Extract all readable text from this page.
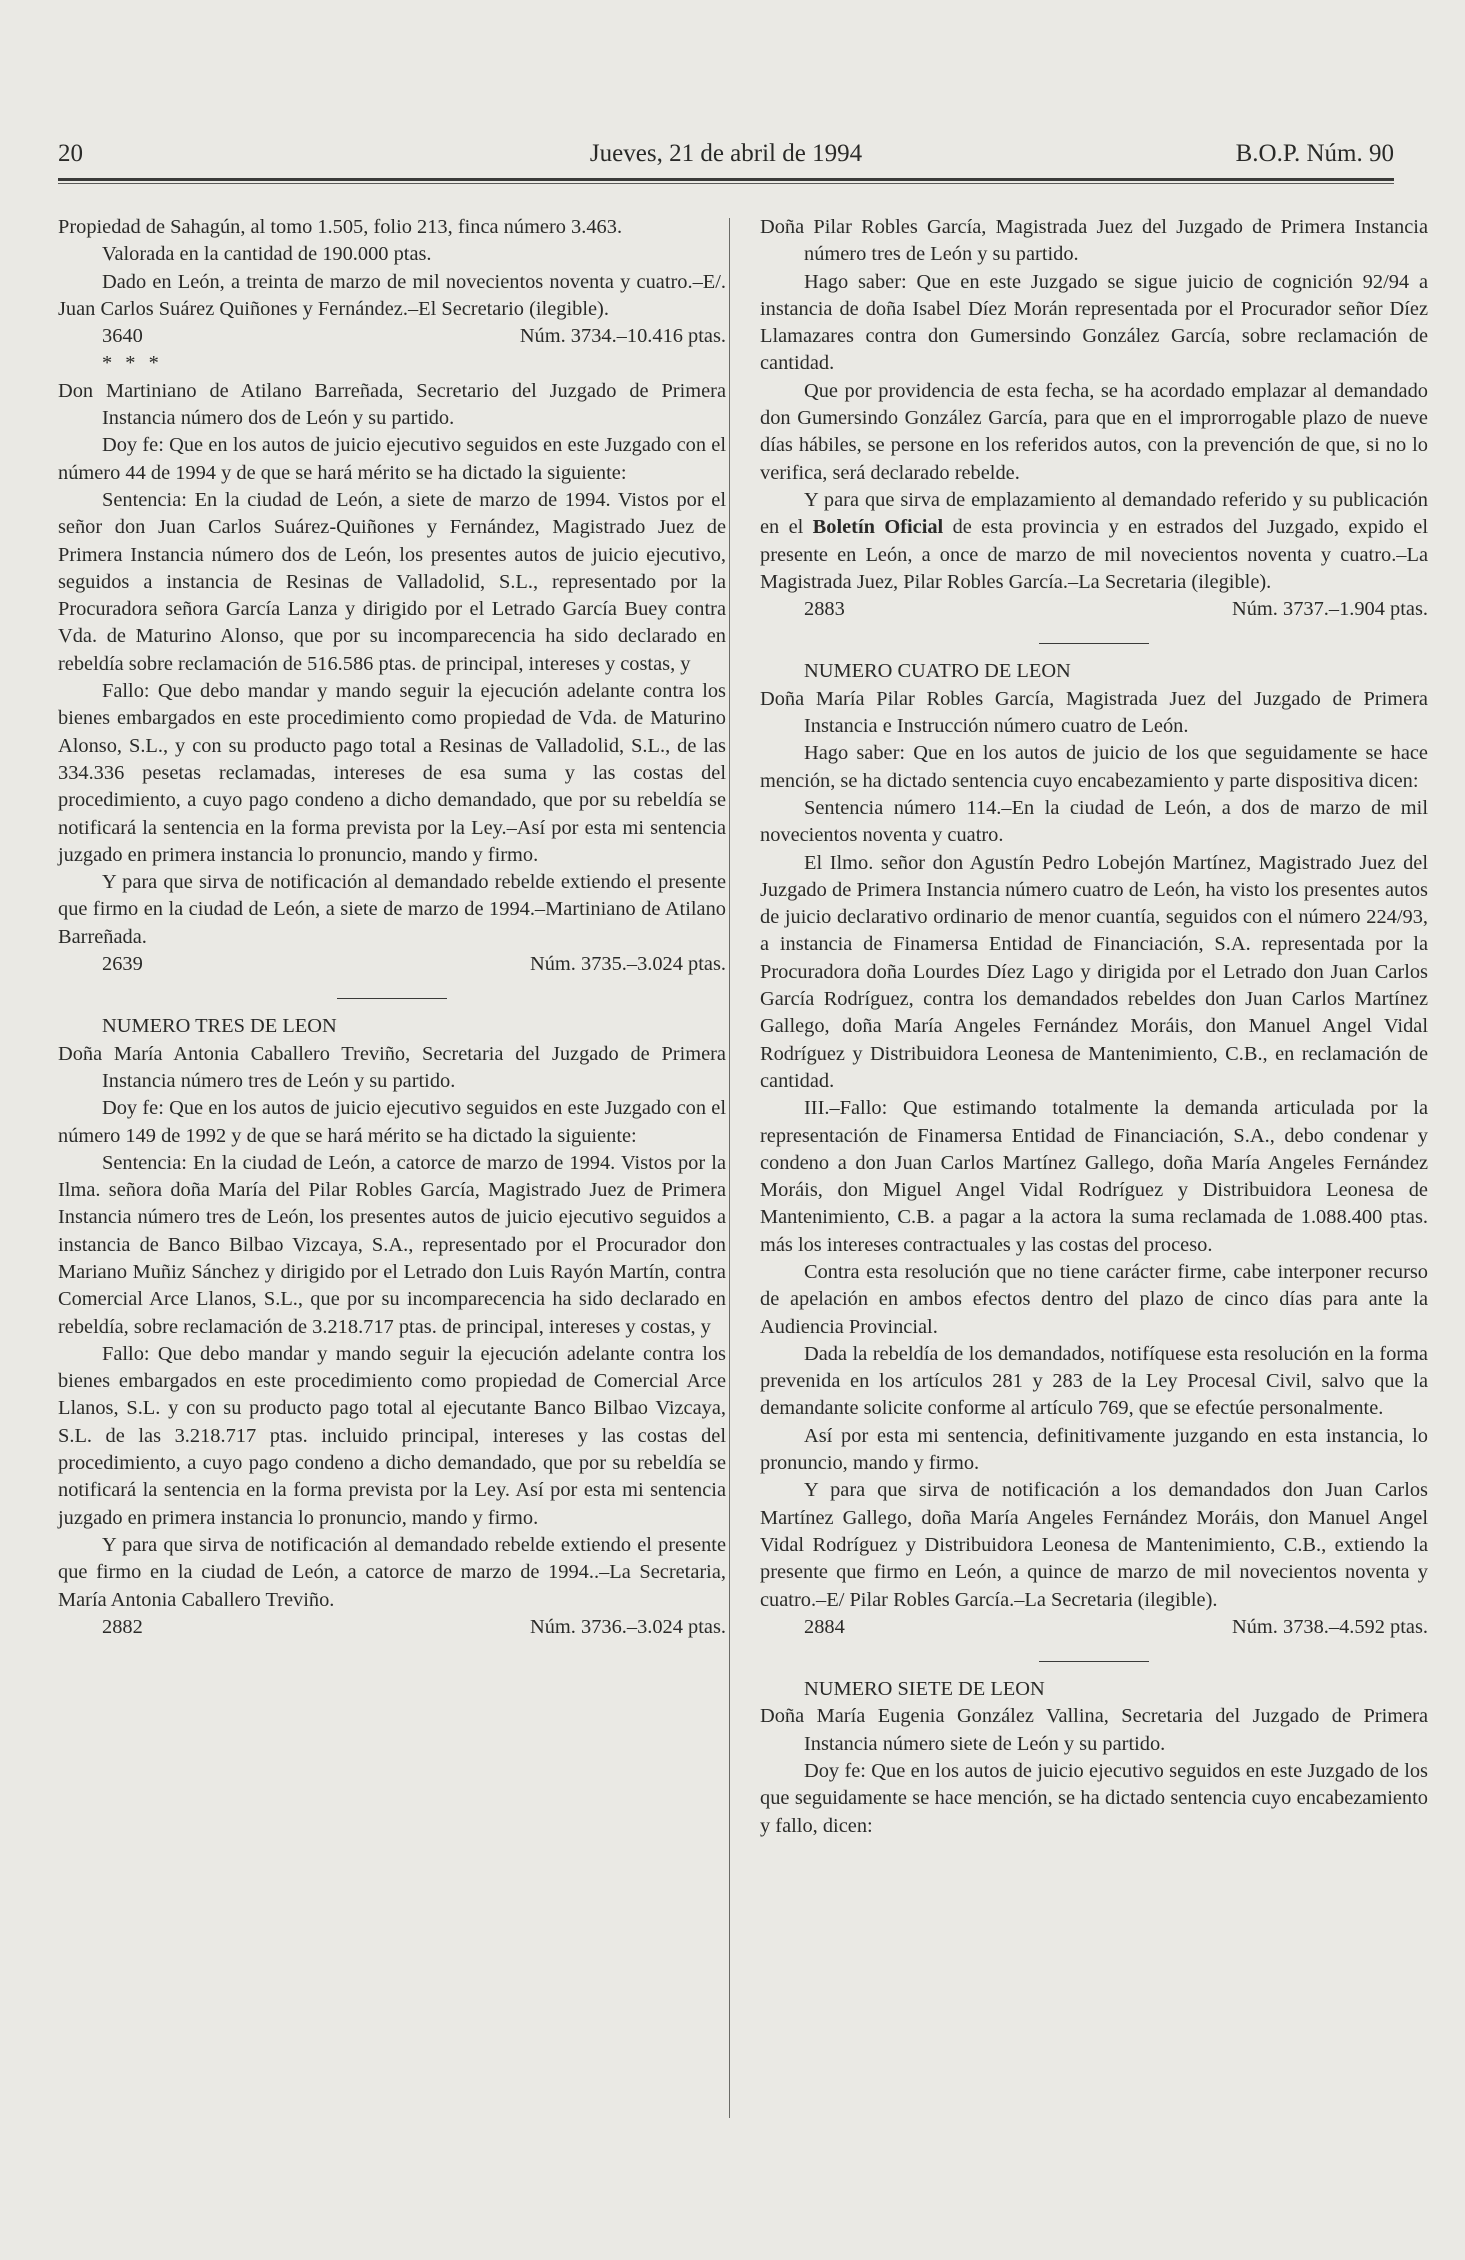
20	Jueves, 21 de abril de 1994	B.O.P. Núm. 90

Propiedad de Sahagún, al tomo 1.505, folio 213, finca número 3.463.

Valorada en la cantidad de 190.000 ptas.

Dado en León, a treinta de marzo de mil novecientos noventa y cuatro.–E/. Juan Carlos Suárez Quiñones y Fernández.–El Secretario (ilegible).

3640	Núm. 3734.–10.416 ptas.

* * *

Don Martiniano de Atilano Barreñada, Secretario del Juzgado de Primera Instancia número dos de León y su partido.

Doy fe: Que en los autos de juicio ejecutivo seguidos en este Juzgado con el número 44 de 1994 y de que se hará mérito se ha dictado la siguiente:

Sentencia: En la ciudad de León, a siete de marzo de 1994. Vistos por el señor don Juan Carlos Suárez-Quiñones y Fernández, Magistrado Juez de Primera Instancia número dos de León, los presentes autos de juicio ejecutivo, seguidos a instancia de Resinas de Valladolid, S.L., representado por la Procuradora señora García Lanza y dirigido por el Letrado García Buey contra Vda. de Maturino Alonso, que por su incomparecencia ha sido declarado en rebeldía sobre reclamación de 516.586 ptas. de principal, intereses y costas, y

Fallo: Que debo mandar y mando seguir la ejecución adelante contra los bienes embargados en este procedimiento como propiedad de Vda. de Maturino Alonso, S.L., y con su producto pago total a Resinas de Valladolid, S.L., de las 334.336 pesetas reclamadas, intereses de esa suma y las costas del procedimiento, a cuyo pago condeno a dicho demandado, que por su rebeldía se notificará la sentencia en la forma prevista por la Ley.–Así por esta mi sentencia juzgado en primera instancia lo pronuncio, mando y firmo.

Y para que sirva de notificación al demandado rebelde extiendo el presente que firmo en la ciudad de León, a siete de marzo de 1994.–Martiniano de Atilano Barreñada.

2639	Núm. 3735.–3.024 ptas.

NUMERO TRES DE LEON

Doña María Antonia Caballero Treviño, Secretaria del Juzgado de Primera Instancia número tres de León y su partido.

Doy fe: Que en los autos de juicio ejecutivo seguidos en este Juzgado con el número 149 de 1992 y de que se hará mérito se ha dictado la siguiente:

Sentencia: En la ciudad de León, a catorce de marzo de 1994. Vistos por la Ilma. señora doña María del Pilar Robles García, Magistrado Juez de Primera Instancia número tres de León, los presentes autos de juicio ejecutivo seguidos a instancia de Banco Bilbao Vizcaya, S.A., representado por el Procurador don Mariano Muñiz Sánchez y dirigido por el Letrado don Luis Rayón Martín, contra Comercial Arce Llanos, S.L., que por su incomparecencia ha sido declarado en rebeldía, sobre reclamación de 3.218.717 ptas. de principal, intereses y costas, y

Fallo: Que debo mandar y mando seguir la ejecución adelante contra los bienes embargados en este procedimiento como propiedad de Comercial Arce Llanos, S.L. y con su producto pago total al ejecutante Banco Bilbao Vizcaya, S.L. de las 3.218.717 ptas. incluido principal, intereses y las costas del procedimiento, a cuyo pago condeno a dicho demandado, que por su rebeldía se notificará la sentencia en la forma prevista por la Ley. Así por esta mi sentencia juzgado en primera instancia lo pronuncio, mando y firmo.

Y para que sirva de notificación al demandado rebelde extiendo el presente que firmo en la ciudad de León, a catorce de marzo de 1994..–La Secretaria, María Antonia Caballero Treviño.

2882	Núm. 3736.–3.024 ptas.

Doña Pilar Robles García, Magistrada Juez del Juzgado de Primera Instancia número tres de León y su partido.

Hago saber: Que en este Juzgado se sigue juicio de cognición 92/94 a instancia de doña Isabel Díez Morán representada por el Procurador señor Díez Llamazares contra don Gumersindo González García, sobre reclamación de cantidad.

Que por providencia de esta fecha, se ha acordado emplazar al demandado don Gumersindo González García, para que en el improrrogable plazo de nueve días hábiles, se persone en los referidos autos, con la prevención de que, si no lo verifica, será declarado rebelde.

Y para que sirva de emplazamiento al demandado referido y su publicación en el Boletín Oficial de esta provincia y en estrados del Juzgado, expido el presente en León, a once de marzo de mil novecientos noventa y cuatro.–La Magistrada Juez, Pilar Robles García.–La Secretaria (ilegible).

2883	Núm. 3737.–1.904 ptas.

NUMERO CUATRO DE LEON

Doña María Pilar Robles García, Magistrada Juez del Juzgado de Primera Instancia e Instrucción número cuatro de León.

Hago saber: Que en los autos de juicio de los que seguidamente se hace mención, se ha dictado sentencia cuyo encabezamiento y parte dispositiva dicen:

Sentencia número 114.–En la ciudad de León, a dos de marzo de mil novecientos noventa y cuatro.

El Ilmo. señor don Agustín Pedro Lobejón Martínez, Magistrado Juez del Juzgado de Primera Instancia número cuatro de León, ha visto los presentes autos de juicio declarativo ordinario de menor cuantía, seguidos con el número 224/93, a instancia de Finamersa Entidad de Financiación, S.A. representada por la Procuradora doña Lourdes Díez Lago y dirigida por el Letrado don Juan Carlos García Rodríguez, contra los demandados rebeldes don Juan Carlos Martínez Gallego, doña María Angeles Fernández Moráis, don Manuel Angel Vidal Rodríguez y Distribuidora Leonesa de Mantenimiento, C.B., en reclamación de cantidad.

III.–Fallo: Que estimando totalmente la demanda articulada por la representación de Finamersa Entidad de Financiación, S.A., debo condenar y condeno a don Juan Carlos Martínez Gallego, doña María Angeles Fernández Moráis, don Miguel Angel Vidal Rodríguez y Distribuidora Leonesa de Mantenimiento, C.B. a pagar a la actora la suma reclamada de 1.088.400 ptas. más los intereses contractuales y las costas del proceso.

Contra esta resolución que no tiene carácter firme, cabe interponer recurso de apelación en ambos efectos dentro del plazo de cinco días para ante la Audiencia Provincial.

Dada la rebeldía de los demandados, notifíquese esta resolución en la forma prevenida en los artículos 281 y 283 de la Ley Procesal Civil, salvo que la demandante solicite conforme al artículo 769, que se efectúe personalmente.

Así por esta mi sentencia, definitivamente juzgando en esta instancia, lo pronuncio, mando y firmo.

Y para que sirva de notificación a los demandados don Juan Carlos Martínez Gallego, doña María Angeles Fernández Moráis, don Manuel Angel Vidal Rodríguez y Distribuidora Leonesa de Mantenimiento, C.B., extiendo la presente que firmo en León, a quince de marzo de mil novecientos noventa y cuatro.–E/ Pilar Robles García.–La Secretaria (ilegible).

2884	Núm. 3738.–4.592 ptas.

NUMERO SIETE DE LEON

Doña María Eugenia González Vallina, Secretaria del Juzgado de Primera Instancia número siete de León y su partido.

Doy fe: Que en los autos de juicio ejecutivo seguidos en este Juzgado de los que seguidamente se hace mención, se ha dictado sentencia cuyo encabezamiento y fallo, dicen:
